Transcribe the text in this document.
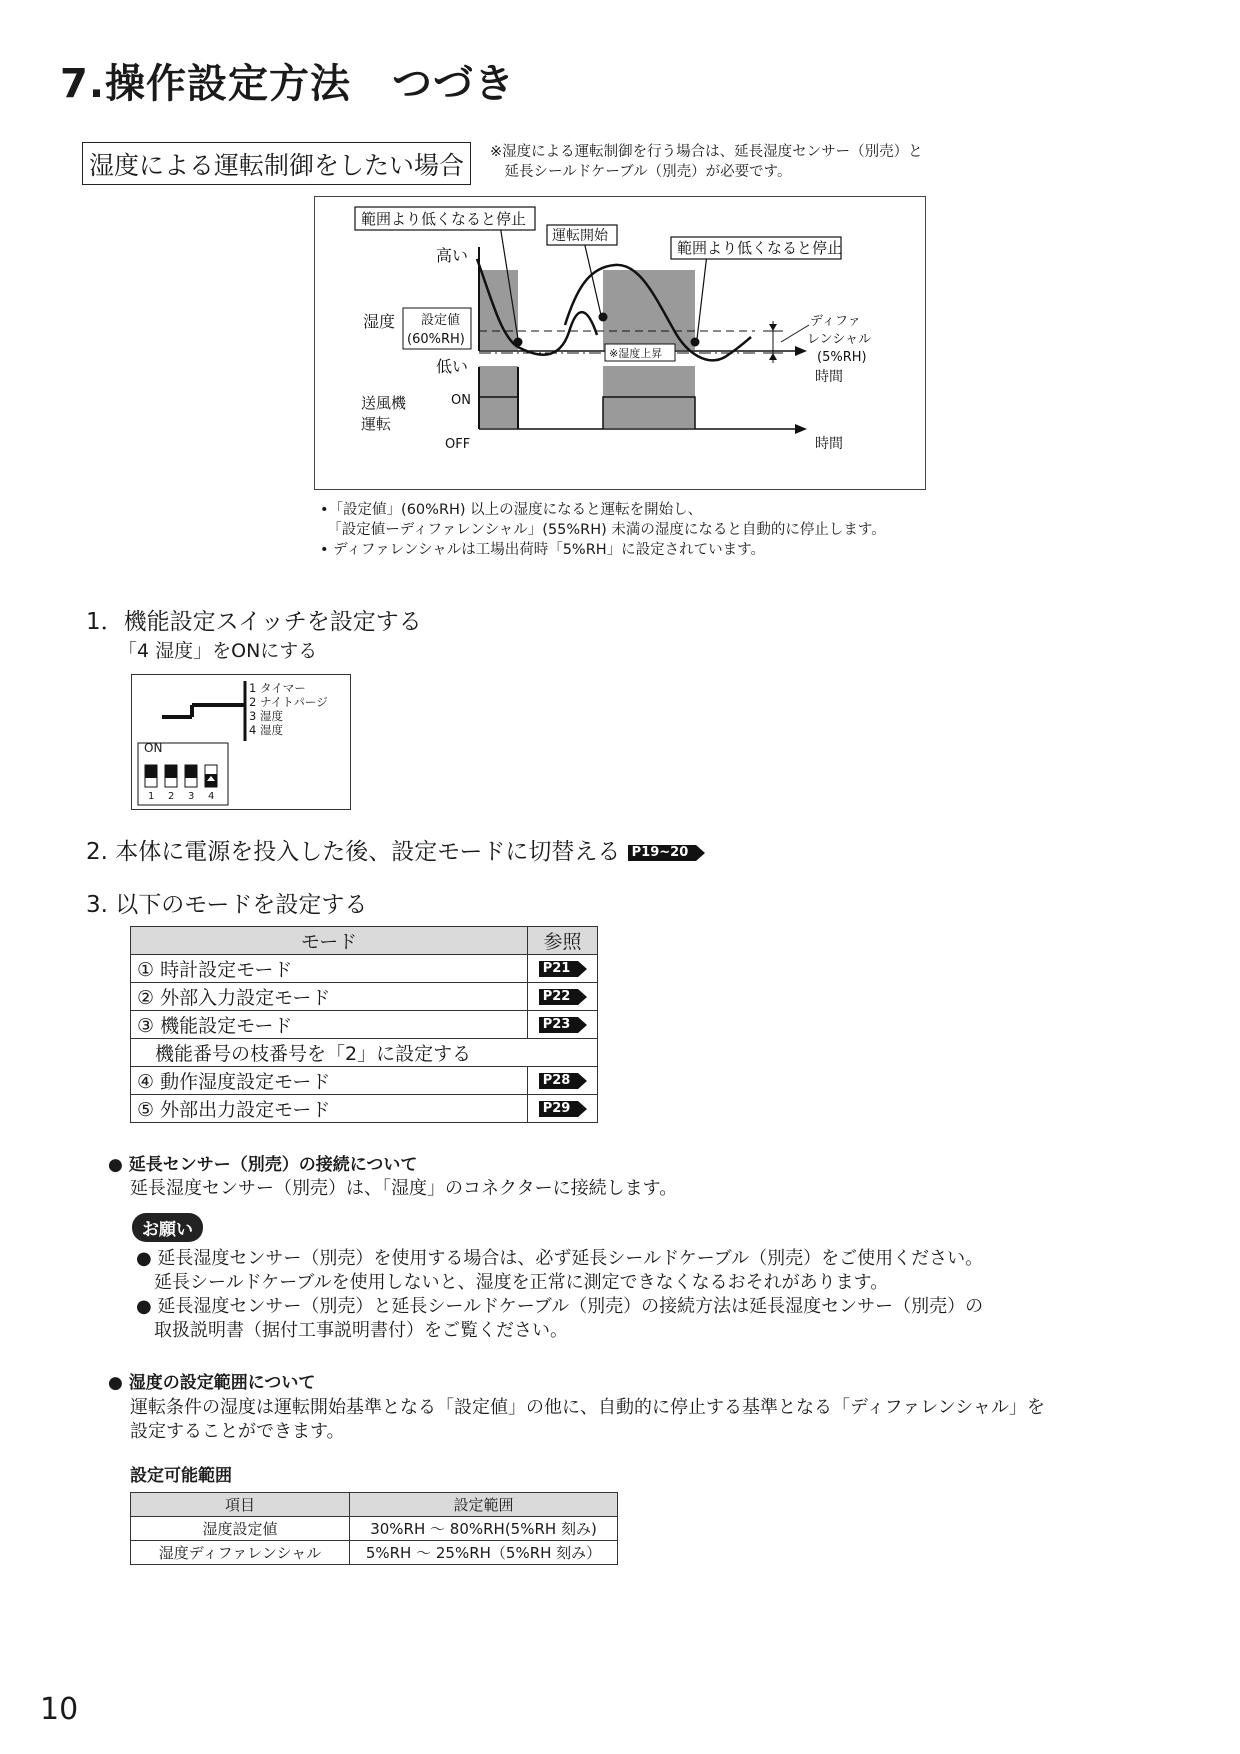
7.操作設定方法　つづき
湿度による運転制御をしたい場合	※湿度による運転制御を行う場合は、延長湿度センサー（別売）と
　延長シールドケーブル（別売）が必要です。
範囲より低くなると停止
運転開始
範囲より低くなると停止
高い
湿度 設定値
(60%RH)
低い
※湿度上昇
ディファ
レンシャル
(5%RH)
時間
送風機
運転
ON
OFF	時間
•「設定値」(60%RH) 以上の湿度になると運転を開始し、
　「設定値ーディファレンシャル」(55%RH) 未満の湿度になると自動的に停止します。
• ディファレンシャルは工場出荷時「5%RH」に設定されています。
1．機能設定スイッチを設定する
「4 湿度」をONにする
ON
1 2 3 4
1 タイマー
2 ナイトパージ
3 湿度
4 湿度
2. 本体に電源を投入した後、設定モードに切替える P19~20
3. 以下のモードを設定する
モード	参照
① 時計設定モード	P21
② 外部入力設定モード	P22
③ 機能設定モード	P23
機能番号の枝番号を「2」に設定する	
④ 動作湿度設定モード	P28
⑤ 外部出力設定モード	P29
● 延長センサー（別売）の接続について
延長湿度センサー（別売）は、「湿度」のコネクターに接続します。
お願い
● 延長湿度センサー（別売）を使用する場合は、必ず延長シールドケーブル（別売）をご使用ください。
　延長シールドケーブルを使用しないと、湿度を正常に測定できなくなるおそれがあります。
● 延長湿度センサー（別売）と延長シールドケーブル（別売）の接続方法は延長湿度センサー（別売）の
　取扱説明書（据付工事説明書付）をご覧ください。
● 湿度の設定範囲について
運転条件の湿度は運転開始基準となる「設定値」の他に、自動的に停止する基準となる「ディファレンシャル」を
設定することができます。
設定可能範囲
項目	設定範囲
湿度設定値	30%RH ～ 80%RH(5%RH 刻み)
湿度ディファレンシャル	5%RH ～ 25%RH（5%RH 刻み）
10
